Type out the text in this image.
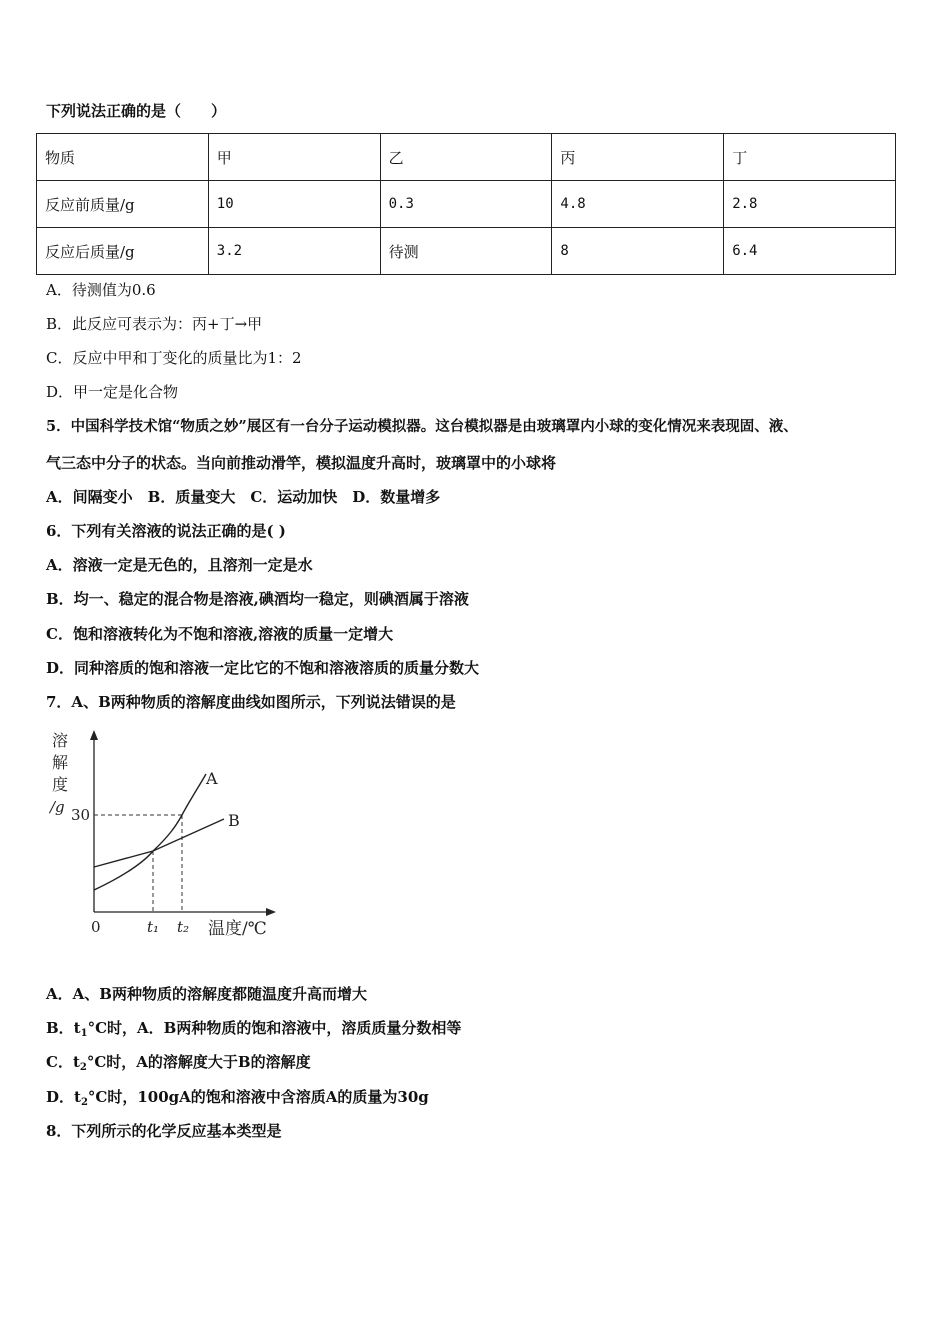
下列说法正确的是（　　）
物质	甲	乙	丙	丁
反应前质量/g	10	0.3	4.8	2.8
反应后质量/g	3.2	待测	8	6.4
A．待测值为0.6
B．此反应可表示为：丙+丁→甲
C．反应中甲和丁变化的质量比为1：2
D．甲一定是化合物
5．中国科学技术馆“物质之妙”展区有一台分子运动模拟器。这台模拟器是由玻璃罩内小球的变化情况来表现固、液、
气三态中分子的状态。当向前推动滑竿，模拟温度升高时，玻璃罩中的小球将
A．间隔变小　B．质量变大　C．运动加快　D．数量增多
6．下列有关溶液的说法正确的是( )
A．溶液一定是无色的，且溶剂一定是水
B．均一、稳定的混合物是溶液,碘酒均一稳定，则碘酒属于溶液
C．饱和溶液转化为不饱和溶液,溶液的质量一定增大
D．同种溶质的饱和溶液一定比它的不饱和溶液溶质的质量分数大
7．A、B两种物质的溶解度曲线如图所示，下列说法错误的是
溶
解
度
/g 30
0	t₁ t₂ 温度/℃
A
B
A．A、B两种物质的溶解度都随温度升高而增大
B．$t_1^\circ C$时，A．B两种物质的饱和溶液中，溶质质量分数相等
C．$t_2^\circ C$时，A的溶解度大于B的溶解度
D．$t_2^\circ C$时，100gA的饱和溶液中含溶质A的质量为30g
8．下列所示的化学反应基本类型是
